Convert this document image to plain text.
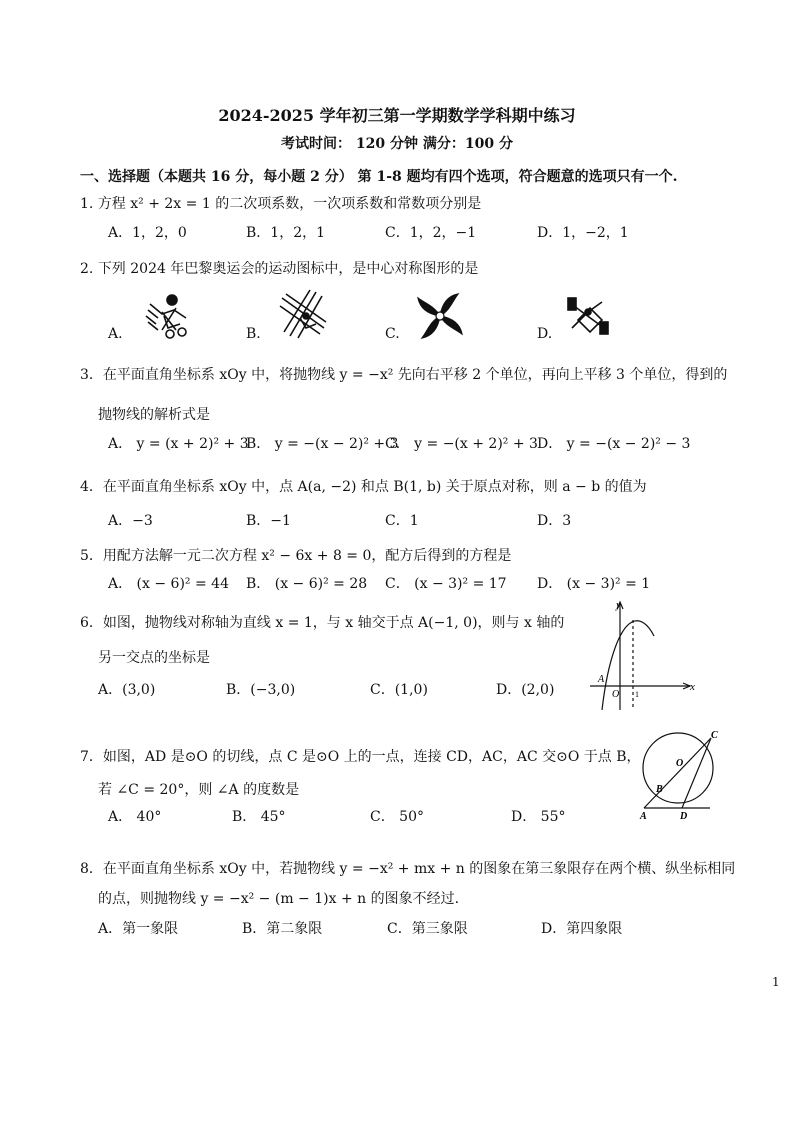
2024-2025 学年初三第一学期数学学科期中练习
考试时间： 120 分钟 满分：100 分
一、选择题（本题共 16 分，每小题 2 分） 第 1-8 题均有四个选项，符合题意的选项只有一个.
1. 方程 x² + 2x = 1 的二次项系数，一次项系数和常数项分别是
A．1，2，0	B．1，2，1	C．1，2，−1	D．1，−2，1
2. 下列 2024 年巴黎奥运会的运动图标中，是中心对称图形的是
A.	B.	C.	D.
3．在平面直角坐标系 xOy 中，将抛物线 y = −x² 先向右平移 2 个单位，再向上平移 3 个单位，得到的
抛物线的解析式是
A． y = (x + 2)² + 3
B． y = −(x − 2)² + 3
C． y = −(x + 2)² + 3 D． y = −(x − 2)² − 3
4．在平面直角坐标系 xOy 中，点 A(a, −2) 和点 B(1, b) 关于原点对称，则 a − b 的值为
A．−3	B．−1	C．1	D．3
5．用配方法解一元二次方程 x² − 6x + 8 = 0，配方后得到的方程是
A． (x − 6)² = 44 B． (x − 6)² = 28 C． (x − 3)² = 17 D． (x − 3)² = 1
6．如图，抛物线对称轴为直线 x = 1，与 x 轴交于点 A(−1, 0)，则与 x 轴的
另一交点的坐标是
A．(3,0)	B．(−3,0)	C．(1,0)	D．(2,0)
y
x
A
O 1
7．如图，AD 是⊙O 的切线，点 C 是⊙O 上的一点，连接 CD，AC，AC 交⊙O 于点 B，
若 ∠C = 20°，则 ∠A 的度数是
A． 40°	B． 45°	C． 50°	D． 55°
C
O
B
A	D
8．在平面直角坐标系 xOy 中，若抛物线 y = −x² + mx + n 的图象在第三象限存在两个横、纵坐标相同
的点，则抛物线 y = −x² − (m − 1)x + n 的图象不经过.
A．第一象限	B．第二象限	C．第三象限	D．第四象限
1
